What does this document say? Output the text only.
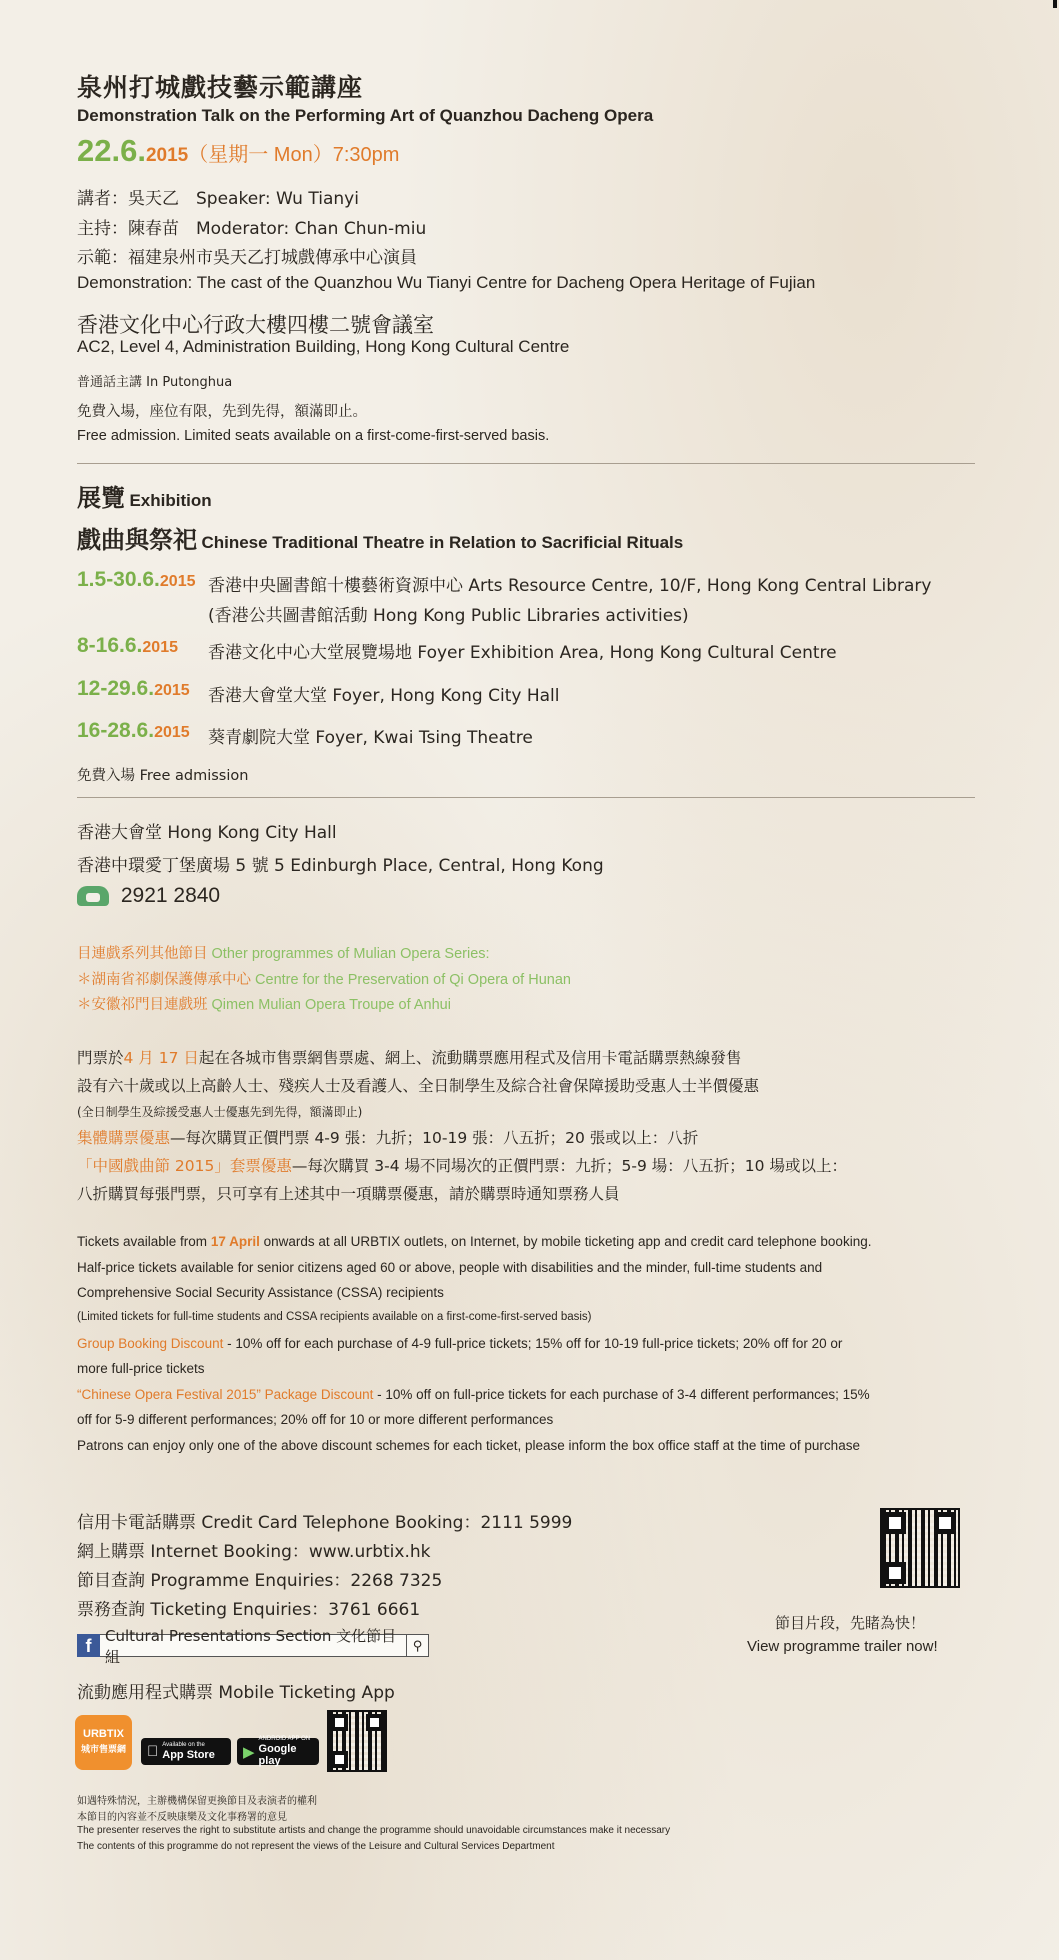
泉州打城戲技藝示範講座
Demonstration Talk on the Performing Art of Quanzhou Dacheng Opera
22.6.2015（星期一 Mon）7:30pm
講者：吳天乙　Speaker: Wu Tianyi
主持：陳春苗　Moderator: Chan Chun-miu
示範：福建泉州市吳天乙打城戲傳承中心演員
Demonstration: The cast of the Quanzhou Wu Tianyi Centre for Dacheng Opera Heritage of Fujian
香港文化中心行政大樓四樓二號會議室
AC2, Level 4, Administration Building, Hong Kong Cultural Centre
普通話主講 In Putonghua
免費入場，座位有限，先到先得，額滿即止。
Free admission. Limited seats available on a first-come-first-served basis.
展覽 Exhibition
戲曲與祭祀 Chinese Traditional Theatre in Relation to Sacrificial Rituals
1.5-30.6.2015 香港中央圖書館十樓藝術資源中心 Arts Resource Centre, 10/F, Hong Kong Central Library
(香港公共圖書館活動 Hong Kong Public Libraries activities)
8-16.6.2015 香港文化中心大堂展覽場地 Foyer Exhibition Area, Hong Kong Cultural Centre
12-29.6.2015 香港大會堂大堂 Foyer, Hong Kong City Hall
16-28.6.2015 葵青劇院大堂 Foyer, Kwai Tsing Theatre
免費入場 Free admission
香港大會堂 Hong Kong City Hall
香港中環愛丁堡廣場 5 號 5 Edinburgh Place, Central, Hong Kong
2921 2840
目連戲系列其他節目 Other programmes of Mulian Opera Series:
＊湖南省祁劇保護傳承中心 Centre for the Preservation of Qi Opera of Hunan
＊安徽祁門目連戲班 Qimen Mulian Opera Troupe of Anhui
門票於4 月 17 日起在各城市售票網售票處、網上、流動購票應用程式及信用卡電話購票熱線發售
設有六十歲或以上高齡人士、殘疾人士及看護人、全日制學生及綜合社會保障援助受惠人士半價優惠
(全日制學生及綜援受惠人士優惠先到先得，額滿即止)
集體購票優惠—每次購買正價門票 4-9 張：九折；10-19 張：八五折；20 張或以上：八折
「中國戲曲節 2015」套票優惠—每次購買 3-4 場不同場次的正價門票：九折；5-9 場：八五折；10 場或以上：
八折購買每張門票，只可享有上述其中一項購票優惠，請於購票時通知票務人員
Tickets available from 17 April onwards at all URBTIX outlets, on Internet, by mobile ticketing app and credit card telephone booking.
Half-price tickets available for senior citizens aged 60 or above, people with disabilities and the minder, full-time students and
Comprehensive Social Security Assistance (CSSA) recipients
(Limited tickets for full-time students and CSSA recipients available on a first-come-first-served basis)
Group Booking Discount - 10% off for each purchase of 4-9 full-price tickets; 15% off for 10-19 full-price tickets; 20% off for 20 or
more full-price tickets
“Chinese Opera Festival 2015” Package Discount - 10% off on full-price tickets for each purchase of 3-4 different performances; 15%
off for 5-9 different performances; 20% off for 10 or more different performances
Patrons can enjoy only one of the above discount schemes for each ticket, please inform the box office staff at the time of purchase
信用卡電話購票 Credit Card Telephone Booking：2111 5999
網上購票 Internet Booking：www.urbtix.hk
節目查詢 Programme Enquiries：2268 7325
票務查詢 Ticketing Enquiries：3761 6661
節目片段，先睹為快！
View programme trailer now!
f
Cultural Presentations Section 文化節目組
⚲
流動應用程式購票 Mobile Ticketing App
URBTIX
城市售票網	Available on the
App Store	▶
ANDROID APP ON
Google play
如遇特殊情況，主辦機構保留更換節目及表演者的權利
本節目的內容並不反映康樂及文化事務署的意見
The presenter reserves the right to substitute artists and change the programme should unavoidable circumstances make it necessary
The contents of this programme do not represent the views of the Leisure and Cultural Services Department
